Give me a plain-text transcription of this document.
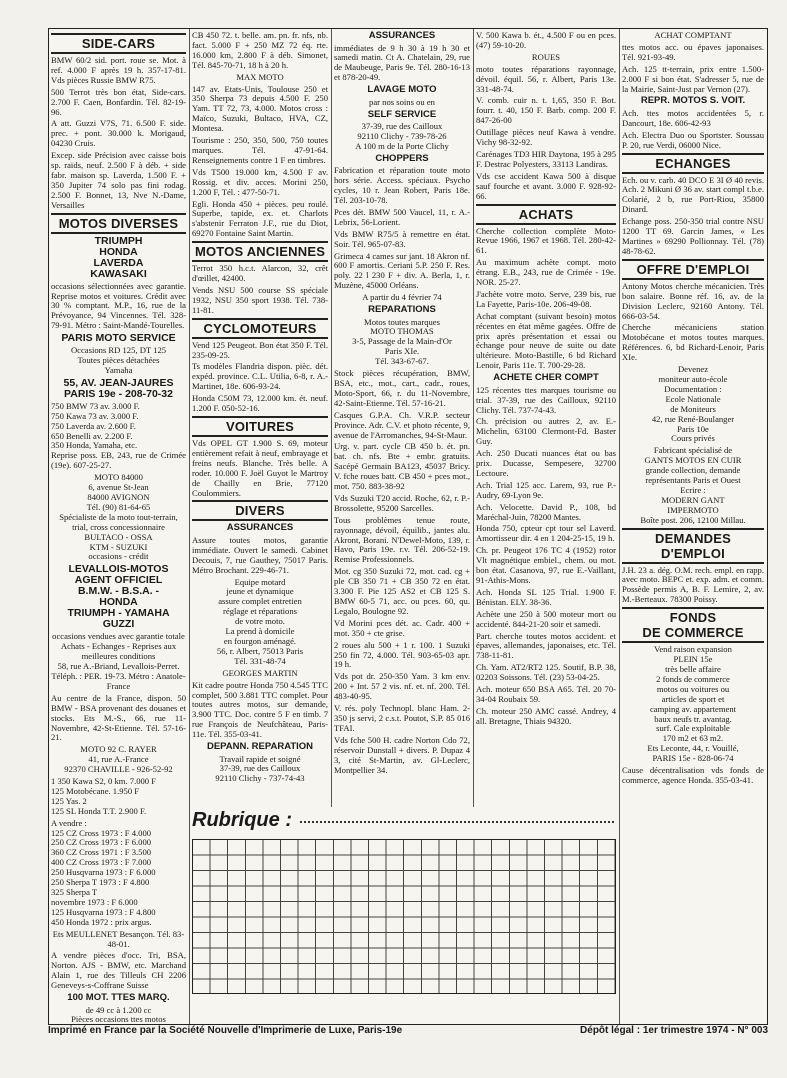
SIDE-CARS
BMW 60/2 sid. port. roue se. Mot. à ref. 4.000 F après 19 h. 357-17-81. Vds pièces Russie BMW R75.
500 Terrot très bon état, Side-cars. 2.700 F. Caen, Bonfardin. Tél. 82-19-96.
A att. Guzzi V7S, 71. 6.500 F. side. prec. + pont. 30.000 k. Morigaud, 04230 Cruis.
Excep. side Précision avec caisse bois sp. raids, neuf. 2.500 F à déb. + side fabr. maison sp. Laverda, 1.500 F. + 350 Jupiter 74 solo pas fini rodag. 2.500 F. Bonnet, 13, Nve N.-Dame, Versailles
MOTOS DIVERSES
TRIUMPH
HONDA
LAVERDA
KAWASAKI
occasions sélectionnées avec garantie. Reprise motos et voitures. Crédit avec 30 % comptant. M.P., 16, rue de la Prévoyance, 94 Vincennes. Tél. 328-79-91. Métro : Saint-Mandé-Tourelles.
PARIS MOTO SERVICE
Occasions RD 125, DT 125
Toutes pièces détachées
Yamaha
55, AV. JEAN-JAURES
PARIS 19e - 208-70-32
750 BMW 73 av. 3.000 F.
750 Kawa 73 av. 3.000 F.
750 Laverda av. 2.600 F.
650 Benelli av. 2.200 F.
350 Honda, Yamaha, etc.
Reprise poss. EB, 243, rue de Crimée (19e). 607-25-27.
MOTO 84000
6, avenue St-Jean
84000 AVIGNON
Tél. (90) 81-64-65
Spécialiste de la moto tout-terrain, trial, cross concessionnaire
BULTACO - OSSA
KTM - SUZUKI
occasions - crédit
LEVALLOIS-MOTOS
AGENT OFFICIEL
B.M.W. - B.S.A. -
HONDA
TRIUMPH - YAMAHA
GUZZI
occasions vendues avec garantie totale
Achats - Echanges - Reprises aux meilleures conditions
58, rue A.-Briand, Levallois-Perret. Téléph. : PER. 19-73. Métro : Anatole-France
Au centre de la France, dispon. 50 BMW - BSA provenant des douanes et stocks. Ets M.-S., 66, rue 11-Novembre, 42-St-Etienne. Tél. 57-16-21.
MOTO 92 C. RAYER
41, rue A.-France
92370 CHAVILLE - 926-52-92
1 350 Kawa S2, 0 km. 7.000 F
125 Motobécane. 1.950 F
125 Yas. 2
125 SL Honda T.T. 2.900 F.
A vendre :
125 CZ Cross 1973 : F 4.000
250 CZ Cross 1973 : F 6.000
360 CZ Cross 1971 : F 3.500
400 CZ Cross 1973 : F 7.000
250 Husqvarna 1973 : F 6.000
250 Sherpa T 1973 : F 4.800
325 Sherpa T
novembre 1973 : F 6.000
125 Husqvarna 1973 : F 4.800
450 Honda 1972 : prix argus.
Ets MEULLENET Besançon. Tél. 83-48-01.
A vendre pièces d'occ. Tri, BSA, Norton. AJS - BMW, etc. Marchand Alain 1, rue des Tilleuls CH 2206 Geneveys-s-Coffrane Suisse
100 MOT. TTES MARQ.
de 49 cc à 1.200 cc
Pièces occasions ttes motos

CB 450 72. t. belle. am. pn. fr. nfs, nb. fact. 5.000 F + 250 MZ 72 éq. rte. 16.000 km, 2.800 F à déb. Simonet, Tél. 845-70-71, 18 h à 20 h.
MAX MOTO
147 av. Etats-Unis, Toulouse 250 et 350 Sherpa 73 depuis 4.500 F. 250 Yam. TT 72, 73, 4.000. Motos cross : Maïco, Suzuki, Bultaco, HVA, CZ, Montesa.
Tourisme : 250, 350, 500, 750 toutes marques. Tél. 47-91-64. Renseignements contre 1 F en timbres.
Vds T500 19.000 km, 4.500 F av. Rossig. et div. acces. Morini 250, 1.200 F, Tél. : 477-50-71.
Egli. Honda 450 + pièces. peu roulé. Superbe, tapide, ex. et. Charlots s'abstenir Ferraton J.F., rue du Diot, 69270 Fontaine Saint Martin.
MOTOS ANCIENNES
Terrot 350 h.c.t. Alarcon, 32, crêt d'œillet, 42400.
Vends NSU 500 course SS spéciale 1932, NSU 350 sport 1938. Tél. 738-11-81.
CYCLOMOTEURS
Vend 125 Peugeot. Bon état 350 F. Tél. 235-09-25.
Ts modèles Flandria dispon. pièc. dét. expéd. province. C.L. Utilia, 6-8, r. A.-Martinet, 18e. 606-93-24.
Honda C50M 73, 12.000 km. ét. neuf. 1.200 F. 050-52-16.
VOITURES
Vds OPEL GT 1.900 S. 69, moteur entièrement refait à neuf, embrayage et freins neufs. Blanche. Très belle. A roder. 10.000 F. Joël Guyot le Martroy de Chailly en Brie, 77120 Coulommiers.
DIVERS
ASSURANCES
Assure toutes motos, garantie immédiate. Ouvert le samedi. Cabinet Decouis, 7, rue Gauthey, 75017 Paris. Métro Brochant. 229-46-71.
Equipe motard
jeune et dynamique
assure complet entretien
réglage et réparations
de votre moto.
La prend à domicile
en fourgon aménagé.
56, r. Albert, 75013 Paris
Tél. 331-48-74
GEORGES MARTIN
Kit cadre poutre Honda 750 4.545 TTC complet, 500 3.881 TTC complet. Pour toutes autres motos, sur demande, 3.900 TTC. Doc. contre 5 F en timb. 7 rue François de Neufchâteau, Paris-11e. Tél. 355-03-41.
DEPANN. REPARATION
Travail rapide et soigné
37-39, rue des Cailloux
92110 Clichy - 737-74-43
ASSURANCES
immédiates de 9 h 30 à 19 h 30 et samedi matin. Ct A. Chatelain, 29, rue de Maubeuge, Paris 9e. Tél. 280-16-13 et 878-20-49.
LAVAGE MOTO
par nos soins ou en
SELF SERVICE
37-39, rue des Cailloux
92110 Clichy - 739-78-26
A 100 m de la Porte Clichy
CHOPPERS
Fabrication et réparation toute moto hors série. Access. spéciaux. Psycho cycles, 10 r. Jean Robert, Paris 18e. Tél. 203-10-78.
Pces dét. BMW 500 Vaucel, 11, r. A.-Lebrix, 56-Lorient.
Vds BMW R75/5 à remettre en état. Soir. Tél. 965-07-83.
Grimeca 4 cames sur jant. 18 Akron nf. 600 F amortis. Ceriani 5.P. 250 F. Res. poly. 22 l 230 F + div. A. Berla, 1, r. Muzène, 45000 Orléans.
A partir du 4 février 74
REPARATIONS
Motos toutes marques
MOTO THOMAS
3-5, Passage de la Main-d'Or
Paris XIe.
Tél. 343-67-67.
Stock pièces récupération, BMW, BSA, etc., mot., cart., cadr., roues, Moto-Sport, 66, r. du 11-Novembre, 42-Saint-Etienne. Tél. 57-16-21.
Casques G.P.A. Ch. V.R.P. secteur Province. Adr. C.V. et photo récente, 9, avenue de l'Arromanches, 94-St-Maur.
Urg. v. part. cycle CB 450 b. ét. pn. bat. ch. nfs. Bte + embr. gratuits. Sacépé Germain BA123, 45037 Bricy. V. fche roues batt. CB 450 + pces mot., mot. 750. 883-38-92
Vds Suzuki T20 accid. Roche, 62, r. P.-Brossolette, 95200 Sarcelles.
Tous problèmes tenue route, rayonnage, dévoil, équilib., jantes alu. Akront, Borani. N'Dewel-Moto, 139, r. Havo, Paris 19e. r.v. Tél. 206-52-19. Remise Professionnels.
Mot. cg 350 Suzuki 72, mot. cad. cg + ple CB 350 71 + CB 350 72 en état. 3.300 F. Pie 125 AS2 et CB 125 S. BMW 60-5 71, acc. ou pces. 60, qu. Legalo, Boulogne 92.
Vd Morini pces dét. ac. Cadr. 400 + mot. 350 + cte grise.
2 roues alu 500 + 1 r. 100. 1 Suzuki 250 fin 72, 4.000. Tél. 903-65-03 apr. 19 h.
Vds pot dr. 250-350 Yam. 3 km env. 200 + Int. 57 2 vis. nf. et. nf. 200. Tél. 483-40-95.
V. rés. poly Technopl. blanc Ham. 2-350 js servi, 2 c.s.t. Poutot, S.P. 85 016 TFAI.
Vds fche 500 H. cadre Norton Cdo 72, réservoir Dunstall + divers. P. Dupaz 4 3, cité St-Martin, av. Gl-Leclerc, Montpellier 34.
V. 500 Kawa b. ét., 4.500 F ou en pces. (47) 59-10-20.
ROUES
moto toutes réparations rayonnage, dévoil. équil. 56, r. Albert, Paris 13e. 331-48-74.
V. comb. cuir n. t. 1,65, 350 F. Bot. fourr. t. 40, 150 F. Barb. comp. 200 F. 847-26-00
Outillage pièces neuf Kawa à vendre. Vichy 98-32-92.
Carénages TD3 HIR Daytona, 195 à 295 F. Destrac Polyesters, 33113 Landiras.
Vds cse accident Kawa 500 à disque sauf fourche et avant. 3.000 F. 928-92-66.
ACHATS
Cherche collection complète Moto-Revue 1966, 1967 et 1968. Tél. 280-42-61.
Au maximum achète compt. moto étrang. E.B., 243, rue de Crimée - 19e. NOR. 25-27.
J'achète votre moto. Serve, 239 bis, rue La Fayette, Paris-10e. 206-49-08.
Achat comptant (suivant besoin) motos récentes en état même gagées. Offre de prix après présentation et essai ou échange pour neuve de suite ou date ultérieure. Moto-Bastille, 6 bd Richard Lenoir, Paris 11e. T. 700-29-28.
ACHETE CHER COMPT
125 récentes ttes marques tourisme ou trial. 37-39, rue des Cailloux, 92110 Clichy. Tél. 737-74-43.
Ch. précision ou autres 2, av. E.-Michelin, 63100 Clermont-Fd. Baster Guy.
Ach. 250 Ducati nuances état ou bas prix. Ducasse, Sempesere, 32700 Lectoure.
Ach. Trial 125 acc. Larem, 93, rue P.-Audry, 69-Lyon 9e.
Ach. Velocette. David P., 108, bd Maréchal-Juin, 78200 Mantes.
Honda 750, cpteur cpt tour sel Laverd. Amortisseur dir. 4 en 1 204-25-15, 19 h.
Ch. pr. Peugeot 176 TC 4 (1952) rotor Vlt magnétique embiel., chem. ou mot. bon état. Casanova, 97, rue E.-Vaillant, 91-Athis-Mons.
Ach. Honda SL 125 Trial. 1.900 F. Bénistan. ELY. 38-36.
Achète une 250 à 500 moteur mort ou accidenté. 844-21-20 soir et samedi.
Part. cherche toutes motos accident. et épaves, allemandes, japonaises, etc. Tél. 738-11-81.
Ch. Yam. AT2/RT2 125. Soutif, B.P. 38, 02203 Soissons. Tél. (23) 53-04-25.
Ach. moteur 650 BSA A65. Tél. 20 70-34-04 Roubaix 59.
Ch. moteur 250 AMC cassé. Andrey, 4 all. Bretagne, Thiais 94320.
ACHAT COMPTANT
ttes motos acc. ou épaves japonaises. Tél. 921-93-49.
Ach. 125 tt-terrain, prix entre 1.500-2.000 F si bon état. S'adresser 5, rue de la Mairie, Saint-Just par Vernon (27).
REPR. MOTOS S. VOIT.
Ach. ttes motos accidentées 5, r. Dancourt, 18e. 606-42-93
Ach. Electra Duo ou Sportster. Soussau P. 20, rue Verdi, 06000 Nice.
ECHANGES
Ech. ou v. carb. 40 DCO E 3I Ø 40 revis. Ach. 2 Mikuni Ø 36 av. start compl t.b.e. Colarié, 2 b, rue Port-Riou, 35800 Dinard.
Echange poss. 250-350 trial contre NSU 1200 TT 69. Garcin James, « Les Martines » 69290 Pollionnay. Tél. (78) 48-78-62.
OFFRE D'EMPLOI
Antony Motos cherche mécanicien. Très bon salaire. Bonne réf. 16, av. de la Division Leclerc, 92160 Antony. Tél. 666-03-54.
Cherche mécaniciens station Motobécane et motos toutes marques. Références. 6, bd Richard-Lenoir, Paris XIe.
Devenez
moniteur auto-école
Documentation :
Ecole Nationale
de Moniteurs
42, rue René-Boulanger
Paris 10e
Cours privés
Fabricant spécialisé de
GANTS MOTOS EN CUIR
grande collection, demande
représentants Paris et Ouest
Ecrire :
MODERN GANT
IMPERMOTO
Boîte post. 206, 12100 Millau.
DEMANDES
D'EMPLOI
J.H. 23 a. dég. O.M. rech. empl. en rapp. avec moto. BEPC et. exp. adm. et comm. Possède permis A, B. F. Lemire, 2, av. M.-Berteaux. 78300 Poissy.
FONDS
DE COMMERCE
Vend raison expansion
PLEIN 15e
très belle affaire
2 fonds de commerce
motos ou voitures ou
articles de sport et
camping av. appartement
baux neufs tr. avantag.
surf. Cale exploitable
170 m2 et 63 m2.
Ets Leconte, 44, r. Vouillé,
PARIS 15e - 828-06-74
Cause décentralisation vds fonds de commerce, agence Honda. 355-03-41.
Rubrique :
Imprimé en France par la Société Nouvelle d'Imprimerie de Luxe, Paris-19e	Dépôt légal : 1er trimestre 1974 - N° 003
